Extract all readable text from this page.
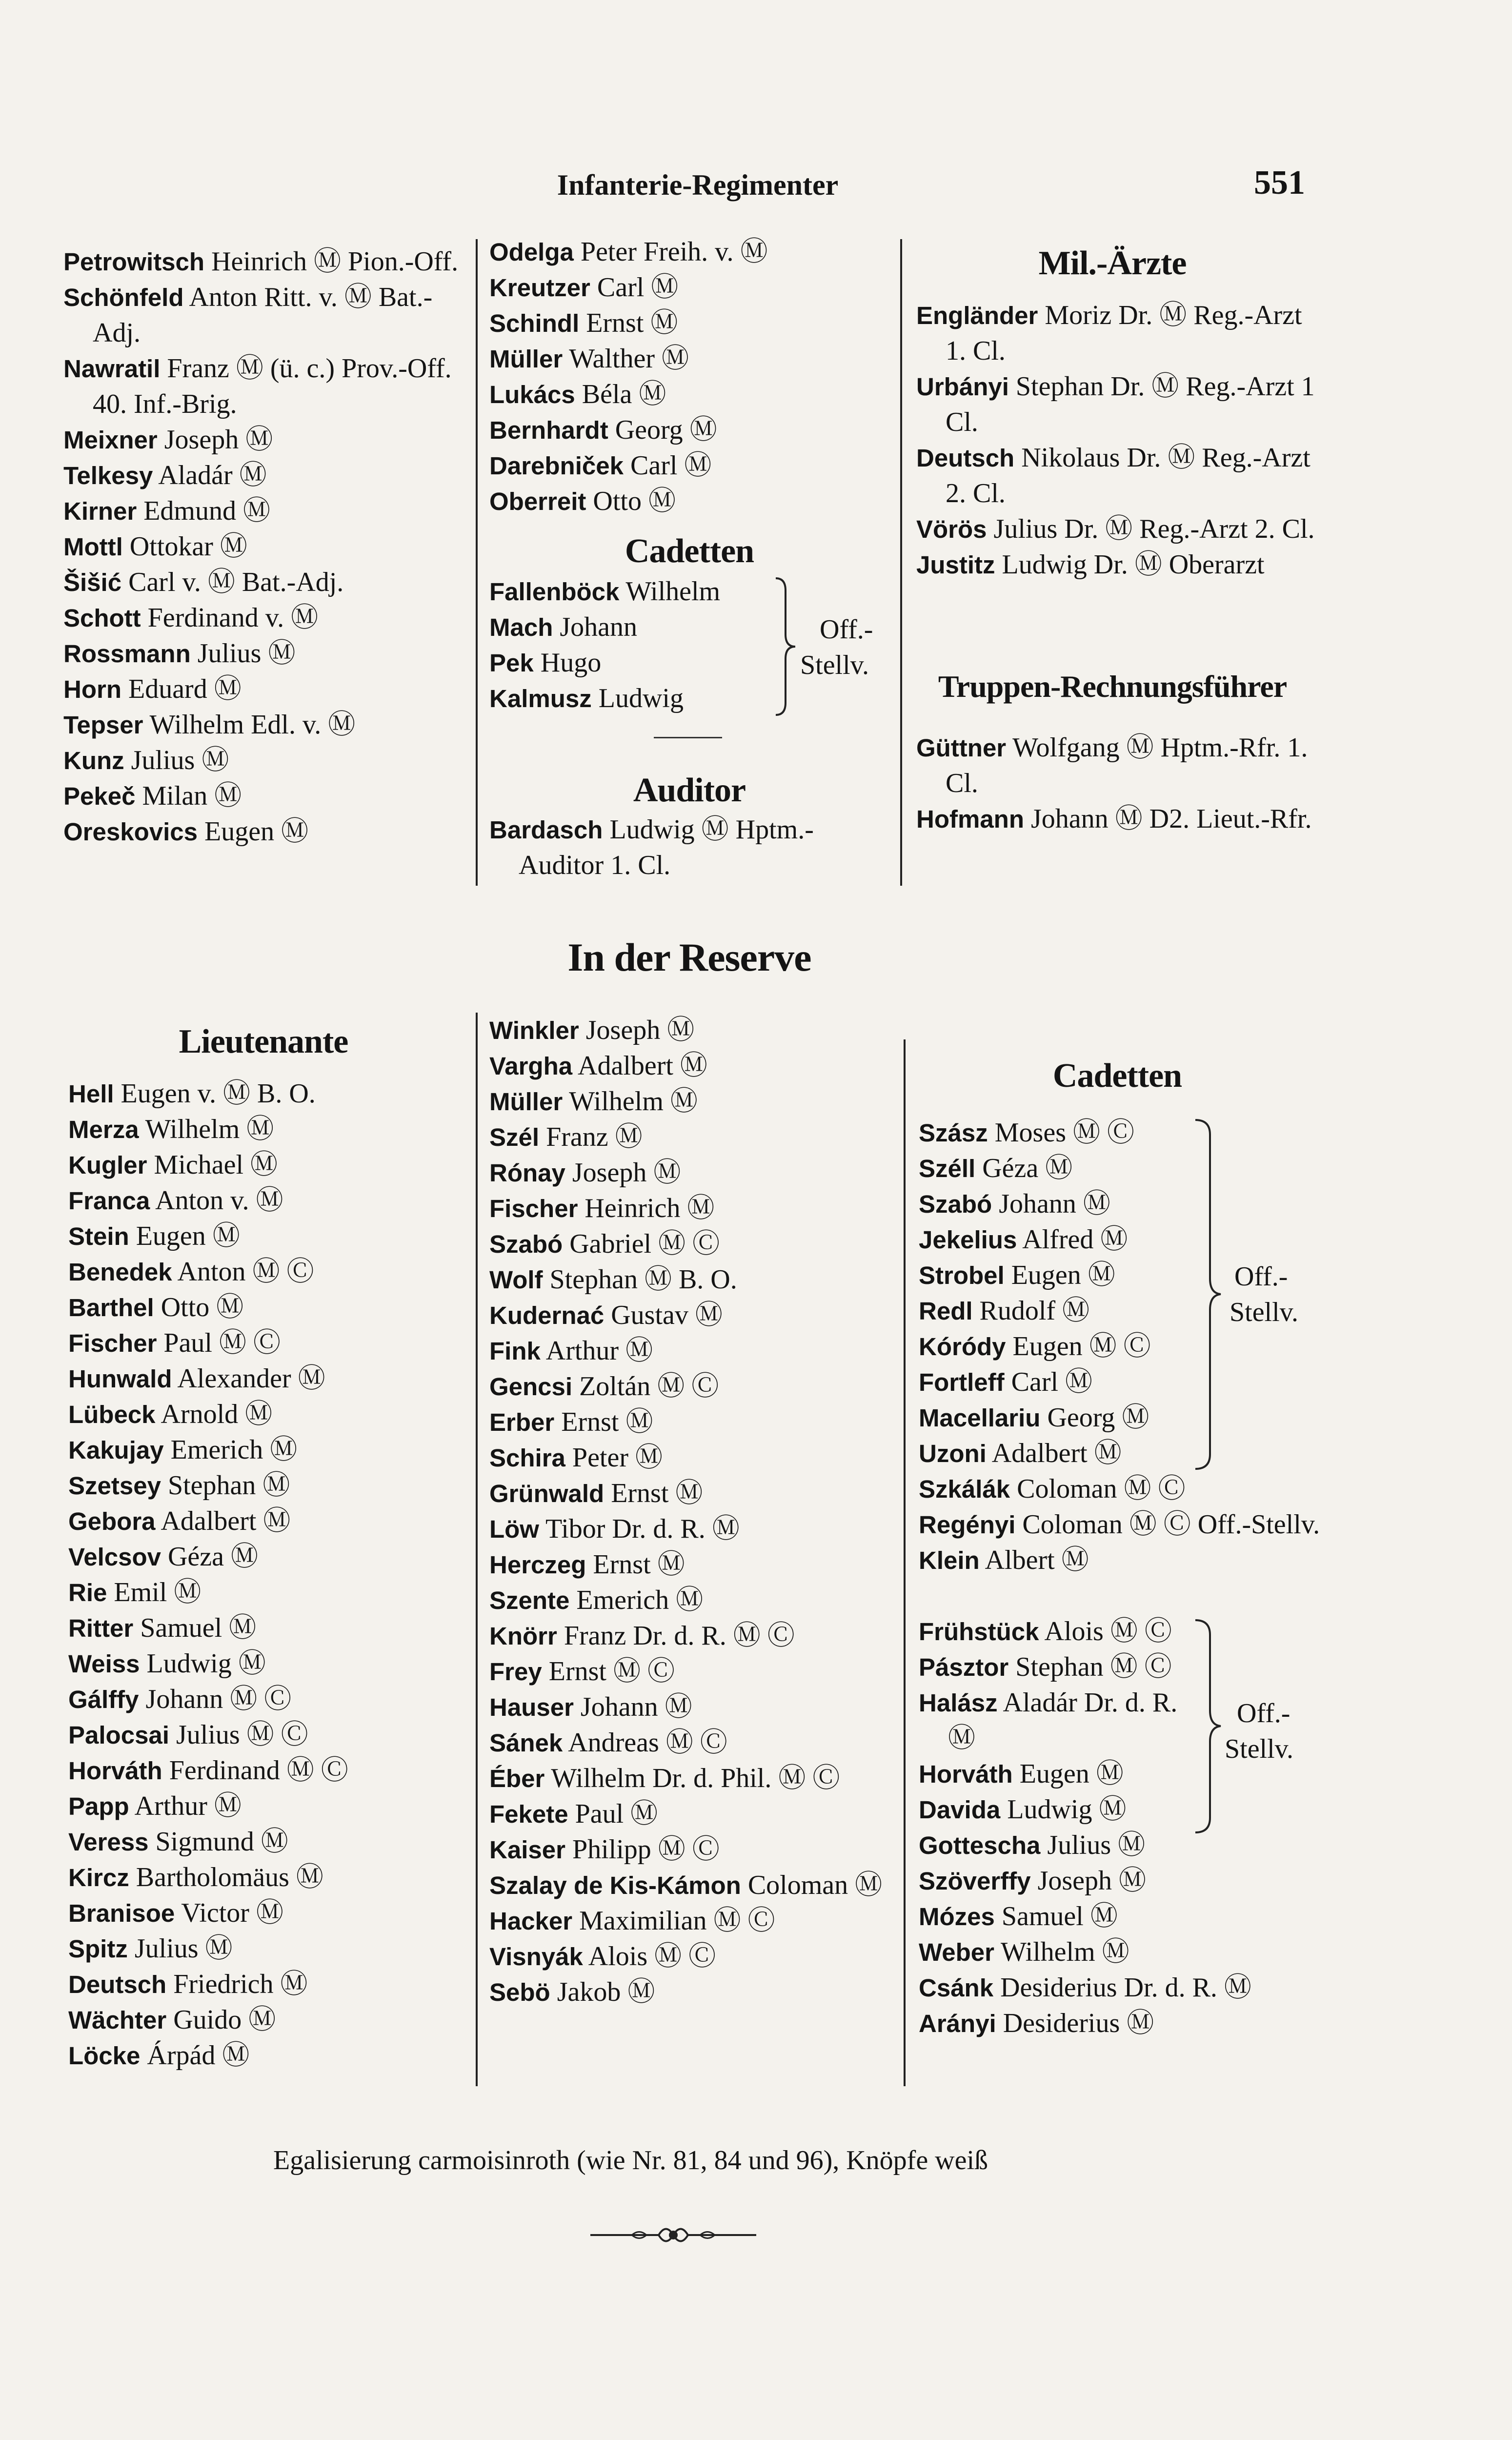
Infanterie-Regimenter	551
Petrowitsch Heinrich Ⓜ Pion.-Off.
Schönfeld Anton Ritt. v. Ⓜ Bat.-Adj.
Nawratil Franz Ⓜ (ü. c.) Prov.-Off. 40. Inf.-Brig.
Meixner Joseph Ⓜ
Telkesy Aladár Ⓜ
Kirner Edmund Ⓜ
Mottl Ottokar Ⓜ
Šišić Carl v. Ⓜ Bat.-Adj.
Schott Ferdinand v. Ⓜ
Rossmann Julius Ⓜ
Horn Eduard Ⓜ
Tepser Wilhelm Edl. v. Ⓜ
Kunz Julius Ⓜ
Pekeč Milan Ⓜ
Oreskovics Eugen Ⓜ
Odelga Peter Freih. v. Ⓜ
Kreutzer Carl Ⓜ
Schindl Ernst Ⓜ
Müller Walther Ⓜ
Lukács Béla Ⓜ
Bernhardt Georg Ⓜ
Darebniček Carl Ⓜ
Oberreit Otto Ⓜ
Cadetten
Fallenböck Wilhelm
Mach Johann
Pek Hugo
Kalmusz Ludwig
Off.-
Stellv.
Auditor
Bardasch Ludwig Ⓜ Hptm.-Auditor 1. Cl.
Mil.-Ärzte
Engländer Moriz Dr. Ⓜ Reg.-Arzt 1. Cl.
Urbányi Stephan Dr. Ⓜ Reg.-Arzt 1 Cl.
Deutsch Nikolaus Dr. Ⓜ Reg.-Arzt 2. Cl.
Vörös Julius Dr. Ⓜ Reg.-Arzt 2. Cl.
Justitz Ludwig Dr. Ⓜ Oberarzt
Truppen-Rechnungsführer
Güttner Wolfgang Ⓜ Hptm.-Rfr. 1. Cl.
Hofmann Johann Ⓜ D2. Lieut.-Rfr.
In der Reserve
Lieutenante
Hell Eugen v. Ⓜ B. O.
Merza Wilhelm Ⓜ
Kugler Michael Ⓜ
Franca Anton v. Ⓜ
Stein Eugen Ⓜ
Benedek Anton Ⓜ Ⓒ
Barthel Otto Ⓜ
Fischer Paul Ⓜ Ⓒ
Hunwald Alexander Ⓜ
Lübeck Arnold Ⓜ
Kakujay Emerich Ⓜ
Szetsey Stephan Ⓜ
Gebora Adalbert Ⓜ
Velcsov Géza Ⓜ
Rie Emil Ⓜ
Ritter Samuel Ⓜ
Weiss Ludwig Ⓜ
Gálffy Johann Ⓜ Ⓒ
Palocsai Julius Ⓜ Ⓒ
Horváth Ferdinand Ⓜ Ⓒ
Papp Arthur Ⓜ
Veress Sigmund Ⓜ
Kircz Bartholomäus Ⓜ
Branisoe Victor Ⓜ
Spitz Julius Ⓜ
Deutsch Friedrich Ⓜ
Wächter Guido Ⓜ
Löcke Árpád Ⓜ
Winkler Joseph Ⓜ
Vargha Adalbert Ⓜ
Müller Wilhelm Ⓜ
Szél Franz Ⓜ
Rónay Joseph Ⓜ
Fischer Heinrich Ⓜ
Szabó Gabriel Ⓜ Ⓒ
Wolf Stephan Ⓜ B. O.
Kudernać Gustav Ⓜ
Fink Arthur Ⓜ
Gencsi Zoltán Ⓜ Ⓒ
Erber Ernst Ⓜ
Schira Peter Ⓜ
Grünwald Ernst Ⓜ
Löw Tibor Dr. d. R. Ⓜ
Herczeg Ernst Ⓜ
Szente Emerich Ⓜ
Knörr Franz Dr. d. R. Ⓜ Ⓒ
Frey Ernst Ⓜ Ⓒ
Hauser Johann Ⓜ
Sánek Andreas Ⓜ Ⓒ
Éber Wilhelm Dr. d. Phil. Ⓜ Ⓒ
Fekete Paul Ⓜ
Kaiser Philipp Ⓜ Ⓒ
Szalay de Kis-Kámon Coloman Ⓜ
Hacker Maximilian Ⓜ Ⓒ
Visnyák Alois Ⓜ Ⓒ
Sebö Jakob Ⓜ
Cadetten
Szász Moses Ⓜ Ⓒ
Széll Géza Ⓜ
Szabó Johann Ⓜ
Jekelius Alfred Ⓜ
Strobel Eugen Ⓜ
Redl Rudolf Ⓜ
Kóródy Eugen Ⓜ Ⓒ
Fortleff Carl Ⓜ
Macellariu Georg Ⓜ
Uzoni Adalbert Ⓜ
Off.-
Stellv.
Szkálák Coloman Ⓜ Ⓒ
Regényi Coloman Ⓜ Ⓒ Off.-Stellv.
Klein Albert Ⓜ
Frühstück Alois Ⓜ Ⓒ
Pásztor Stephan Ⓜ Ⓒ
Halász Aladár Dr. d. R. Ⓜ
Horváth Eugen Ⓜ
Davida Ludwig Ⓜ
Off.-
Stellv.
Gottescha Julius Ⓜ
Szöverffy Joseph Ⓜ
Mózes Samuel Ⓜ
Weber Wilhelm Ⓜ
Csánk Desiderius Dr. d. R. Ⓜ
Arányi Desiderius Ⓜ
Egalisierung carmoisinroth (wie Nr. 81, 84 und 96), Knöpfe weiß
